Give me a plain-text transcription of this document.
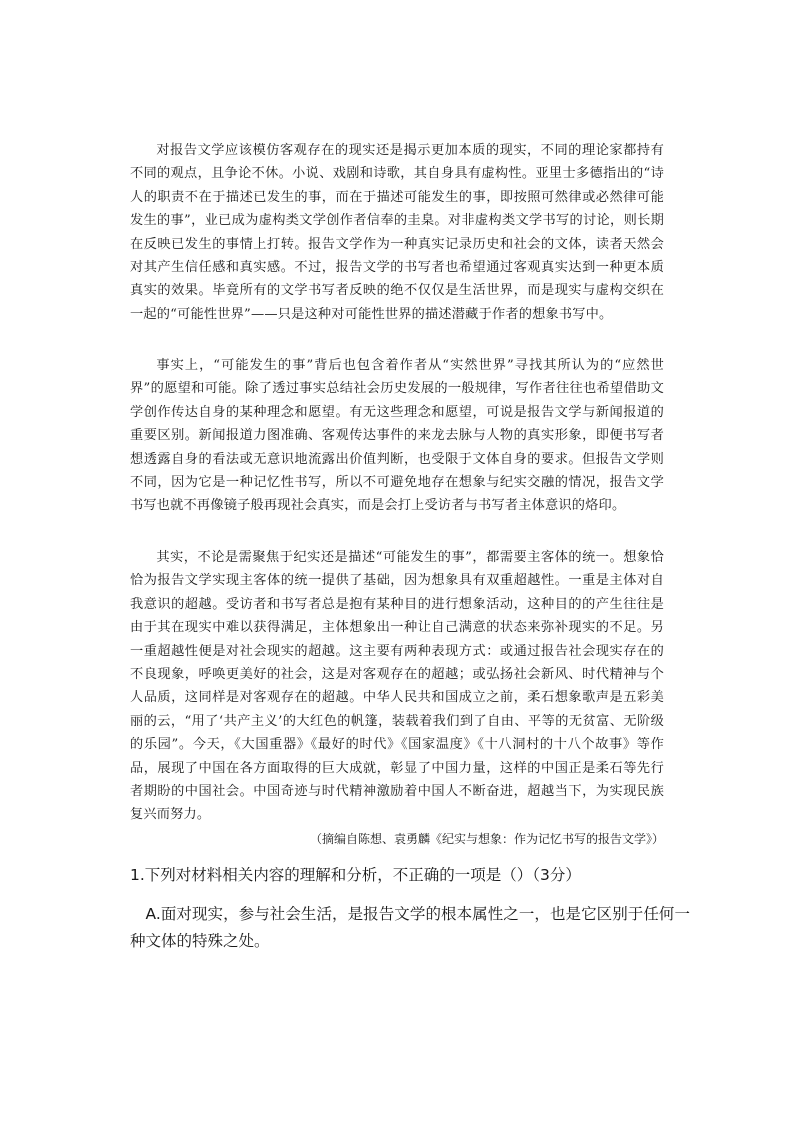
对报告文学应该模仿客观存在的现实还是揭示更加本质的现实，不同的理论家都持有不同的观点，且争论不休。小说、戏剧和诗歌，其自身具有虚构性。亚里士多德指出的“诗人的职责不在于描述已发生的事，而在于描述可能发生的事，即按照可然律或必然律可能发生的事”，业已成为虚构类文学创作者信奉的圭臬。对非虚构类文学书写的讨论，则长期在反映已发生的事情上打转。报告文学作为一种真实记录历史和社会的文体，读者天然会对其产生信任感和真实感。不过，报告文学的书写者也希望通过客观真实达到一种更本质真实的效果。毕竟所有的文学书写者反映的绝不仅仅是生活世界，而是现实与虚构交织在一起的“可能性世界”——只是这种对可能性世界的描述潜藏于作者的想象书写中。

事实上，“可能发生的事”背后也包含着作者从“实然世界”寻找其所认为的“应然世界”的愿望和可能。除了透过事实总结社会历史发展的一般规律，写作者往往也希望借助文学创作传达自身的某种理念和愿望。有无这些理念和愿望，可说是报告文学与新闻报道的重要区别。新闻报道力图准确、客观传达事件的来龙去脉与人物的真实形象，即便书写者想透露自身的看法或无意识地流露出价值判断，也受限于文体自身的要求。但报告文学则不同，因为它是一种记忆性书写，所以不可避免地存在想象与纪实交融的情况，报告文学书写也就不再像镜子般再现社会真实，而是会打上受访者与书写者主体意识的烙印。

其实，不论是需聚焦于纪实还是描述“可能发生的事”，都需要主客体的统一。想象恰恰为报告文学实现主客体的统一提供了基础，因为想象具有双重超越性。一重是主体对自我意识的超越。受访者和书写者总是抱有某种目的进行想象活动，这种目的的产生往往是由于其在现实中难以获得满足，主体想象出一种让自己满意的状态来弥补现实的不足。另一重超越性便是对社会现实的超越。这主要有两种表现方式：或通过报告社会现实存在的不良现象，呼唤更美好的社会，这是对客观存在的超越；或弘扬社会新风、时代精神与个人品质，这同样是对客观存在的超越。中华人民共和国成立之前，柔石想象歌声是五彩美丽的云，“用了‘共产主义’的大红色的帆篷，装载着我们到了自由、平等的无贫富、无阶级的乐园”。今天，《大国重器》《最好的时代》《国家温度》《十八洞村的十八个故事》等作品，展现了中国在各方面取得的巨大成就，彰显了中国力量，这样的中国正是柔石等先行者期盼的中国社会。中国奇迹与时代精神激励着中国人不断奋进，超越当下，为实现民族复兴而努力。

（摘编自陈想、袁勇麟《纪实与想象：作为记忆书写的报告文学》）

1.下列对材料相关内容的理解和分析，不正确的一项是（）（3分）

A.面对现实，参与社会生活，是报告文学的根本属性之一，也是它区别于任何一种文体的特殊之处。
